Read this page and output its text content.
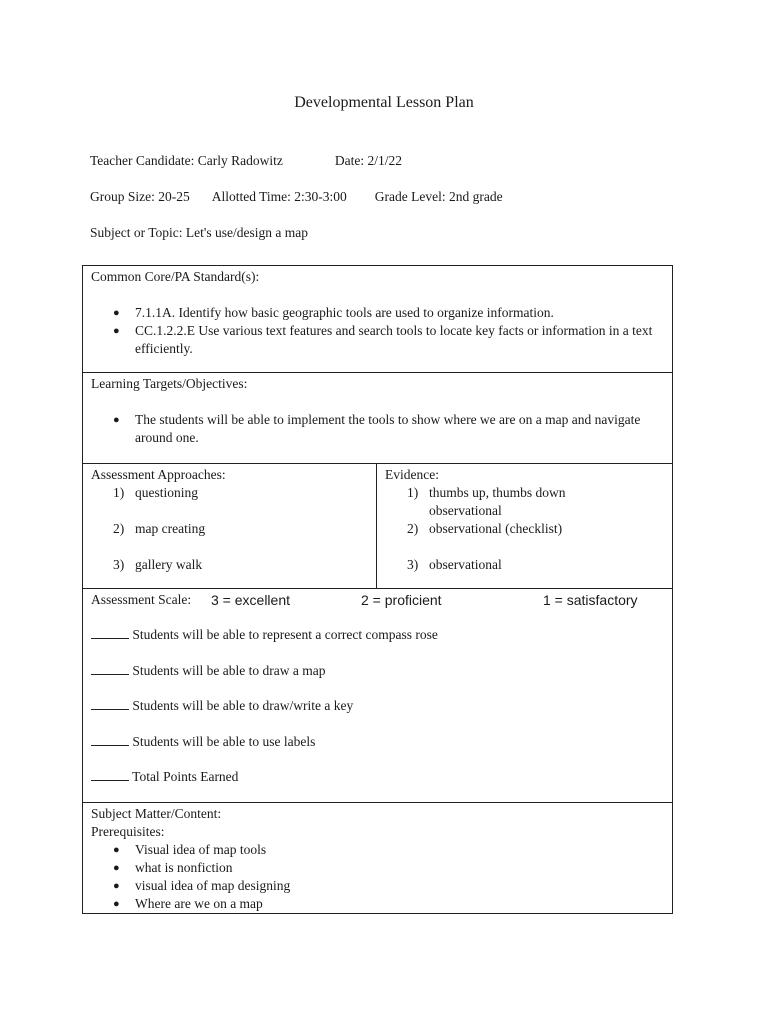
Developmental Lesson Plan
Teacher Candidate: Carly Radowitz	Date: 2/1/22
Group Size: 20-25 Allotted Time: 2:30-3:00 Grade Level: 2nd grade
Subject or Topic: Let's use/design a map
Common Core/PA Standard(s):
● 7.1.1A. Identify how basic geographic tools are used to organize information.
● CC.1.2.2.E Use various text features and search tools to locate key facts or information in a text efficiently.

Learning Targets/Objectives:
● The students will be able to implement the tools to show where we are on a map and navigate around one.

Assessment Approaches:
1) questioning
2) map creating
3) gallery walk

Evidence:
1) thumbs up, thumbs down observational
2) observational (checklist)
3) observational

Assessment Scale:	3 = excellent	2 = proficient	1 = satisfactory
Students will be able to represent a correct compass rose
Students will be able to draw a map
Students will be able to draw/write a key
Students will be able to use labels
Total Points Earned

Subject Matter/Content:
Prerequisites:
● Visual idea of map tools
● what is nonfiction
● visual idea of map designing
● Where are we on a map
